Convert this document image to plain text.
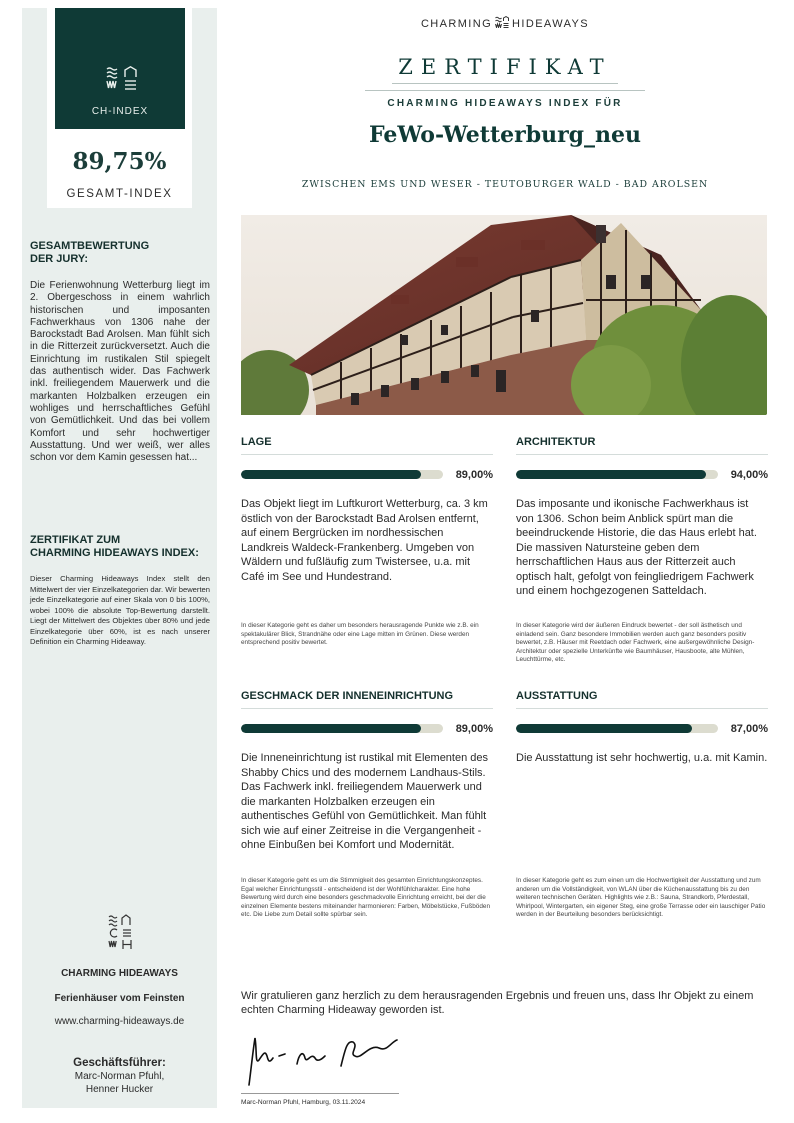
CH-INDEX
89,75%
GESAMT-INDEX
GESAMTBEWERTUNG
DER JURY:
Die Ferienwohnung Wetterburg liegt im 2. Obergeschoss in einem wahrlich historischen und imposanten Fachwerkhaus von 1306 nahe der Barockstadt Bad Arolsen. Man fühlt sich in die Ritterzeit zurückversetzt. Auch die Einrichtung im rustikalen Stil spiegelt das authentisch wider. Das Fachwerk inkl. freiliegendem Mauerwerk und die markanten Holzbalken erzeugen ein wohliges und herrschaftliches Gefühl von Gemütlichkeit. Und das bei vollem Komfort und sehr hochwertiger Ausstattung. Und wer weiß, wer alles schon vor dem Kamin gesessen hat...
ZERTIFIKAT ZUM
CHARMING HIDEAWAYS INDEX:
Dieser Charming Hideaways Index stellt den Mittelwert der vier Einzelkategorien dar. Wir bewerten jede Einzelkategorie auf einer Skala von 0 bis 100%, wobei 100% die absolute Top-Bewertung darstellt. Liegt der Mittelwert des Objektes über 80% und jede Einzelkategorie über 60%, ist es nach unserer Definition ein Charming Hideaway.
CHARMING HIDEAWAYS
Ferienhäuser vom Feinsten
www.charming-hideaways.de
Geschäftsführer:
Marc-Norman Pfuhl,
Henner Hucker
CHARMING HIDEAWAYS
ZERTIFIKAT
CHARMING HIDEAWAYS INDEX FÜR
FeWo-Wetterburg_neu
ZWISCHEN EMS UND WESER - TEUTOBURGER WALD - BAD AROLSEN
LAGE
89,00%
Das Objekt liegt im Luftkurort Wetterburg, ca. 3 km östlich von der Barockstadt Bad Arolsen entfernt, auf einem Bergrücken im nordhessischen Landkreis Waldeck-Frankenberg. Umgeben von Wäldern und fußläufig zum Twistersee, u.a. mit Café im See und Hundestrand.
In dieser Kategorie geht es daher um besonders herausragende Punkte wie z.B. ein spektakulärer Blick, Strandnähe oder eine Lage mitten im Grünen. Diese werden entsprechend positiv bewertet.
ARCHITEKTUR
94,00%
Das imposante und ikonische Fachwerkhaus ist von 1306. Schon beim Anblick spürt man die beeindruckende Historie, die das Haus erlebt hat. Die massiven Natursteine geben dem herrschaftlichen Haus aus der Ritterzeit auch optisch halt, gefolgt von feingliedrigem Fachwerk und einem hochgezogenen Satteldach.
In dieser Kategorie wird der äußeren Eindruck bewertet - der soll ästhetisch und einladend sein. Ganz besondere Immobilien werden auch ganz besonders positiv bewertet, z.B. Häuser mit Reetdach oder Fachwerk, eine außergewöhnliche Design-Architektur oder spezielle Unterkünfte wie Baumhäuser, Hausboote, alte Mühlen, Leuchttürme, etc.
GESCHMACK DER INNENEINRICHTUNG
89,00%
Die Inneneinrichtung ist rustikal mit Elementen des Shabby Chics und des modernem Landhaus-Stils. Das Fachwerk inkl. freiliegendem Mauerwerk und die markanten Holzbalken erzeugen ein authentisches Gefühl von Gemütlichkeit. Man fühlt sich wie auf einer Zeitreise in die Vergangenheit - ohne Einbußen bei Komfort und Modernität.
In dieser Kategorie geht es um die Stimmigkeit des gesamten Einrichtungskonzeptes. Egal welcher Einrichtungsstil - entscheidend ist der Wohlfühlcharakter. Eine hohe Bewertung wird durch eine besonders geschmackvolle Einrichtung erreicht, bei der die einzelnen Elemente bestens miteinander harmonieren: Farben, Möbelstücke, Fußböden etc. Die Liebe zum Detail sollte spürbar sein.
AUSSTATTUNG
87,00%
Die Ausstattung ist sehr hochwertig, u.a. mit Kamin.
In dieser Kategorie geht es zum einen um die Hochwertigkeit der Ausstattung und zum anderen um die Vollständigkeit, von WLAN über die Küchenausstattung bis zu den weiteren technischen Geräten. Highlights wie z.B.: Sauna, Strandkorb, Pferdestall, Whirlpool, Wintergarten, ein eigener Steg, eine große Terrasse oder ein lauschiger Patio werden in der Beurteilung besonders berücksichtigt.
Wir gratulieren ganz herzlich zu dem herausragenden Ergebnis und freuen uns, dass Ihr Objekt zu einem echten Charming Hideaway geworden ist.
Marc-Norman Pfuhl, Hamburg, 03.11.2024
